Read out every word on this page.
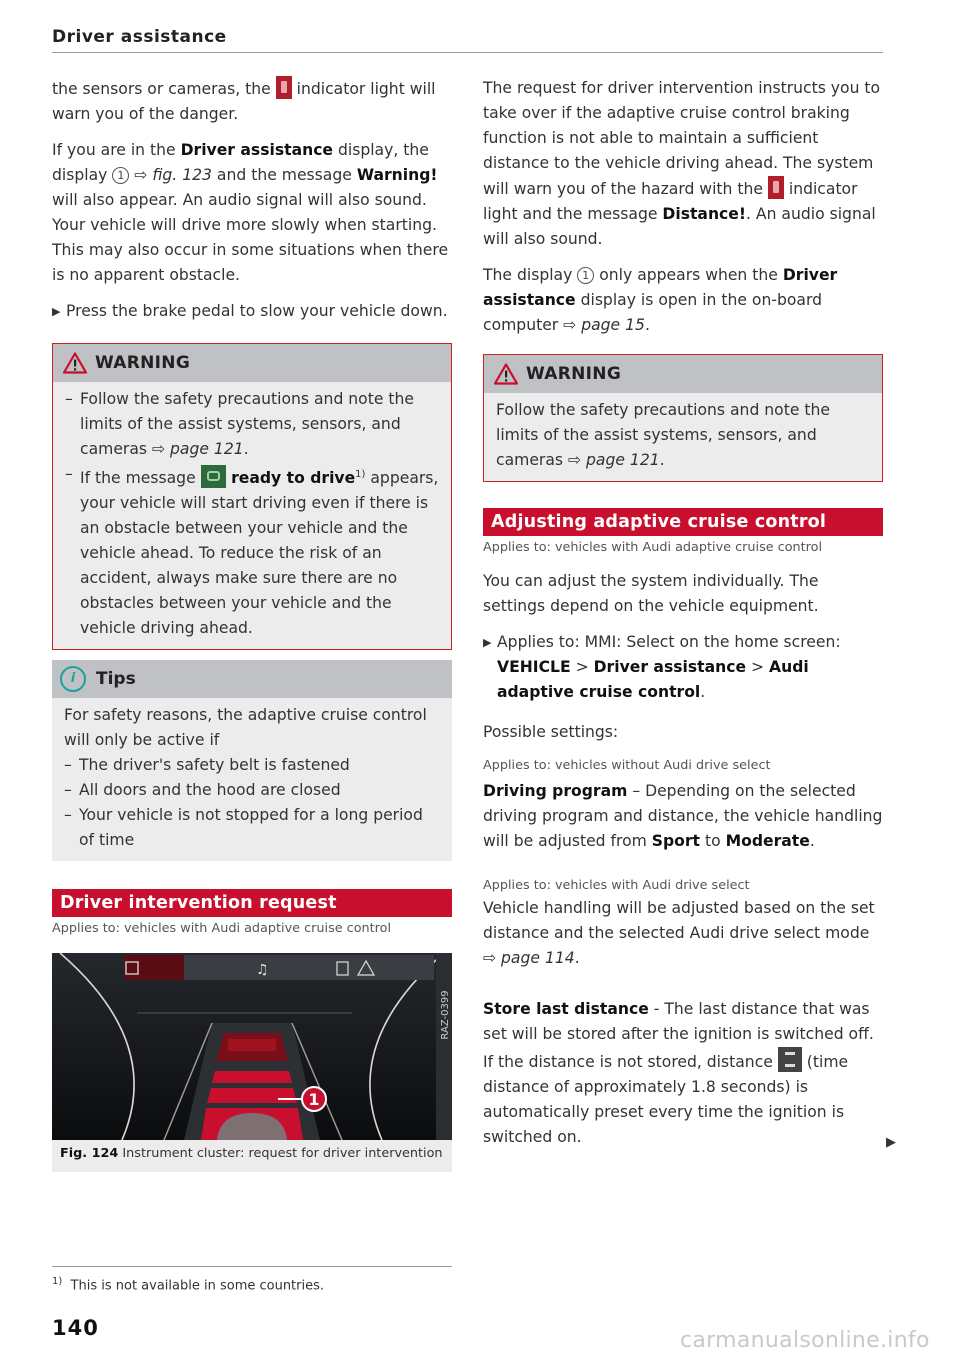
Driver assistance

the sensors or cameras, the  indicator light will warn you of the danger.

If you are in the Driver assistance display, the display 1 ⇨ fig. 123 and the message Warning! will also appear. An audio signal will also sound. Your vehicle will drive more slowly when starting. This may also occur in some situations when there is no apparent obstacle.

▶ Press the brake pedal to slow your vehicle down.
WARNING
– Follow the safety precautions and note the limits of the assist systems, sensors, and cameras ⇨ page 121.
– If the message  ready to drive$^{1)}$ appears, your vehicle will start driving even if there is an obstacle between your vehicle and the vehicle ahead. To reduce the risk of an accident, always make sure there are no obstacles between your vehicle and the vehicle driving ahead.
i	Tips

For safety reasons, the adaptive cruise control will only be active if

– The driver's safety belt is fastened
– All doors and the hood are closed
– Your vehicle is not stopped for a long period of time
Driver intervention request
Applies to: vehicles with Audi adaptive cruise control
♫
1
RAZ-0399
Fig. 124 Instrument cluster: request for driver intervention

The request for driver intervention instructs you to take over if the adaptive cruise control braking function is not able to maintain a sufficient distance to the vehicle driving ahead. The system will warn you of the hazard with the  indicator light and the message Distance!. An audio signal will also sound.

The display 1 only appears when the Driver assistance display is open in the on-board computer ⇨ page 15.

WARNING

Follow the safety precautions and note the limits of the assist systems, sensors, and cameras ⇨ page 121.

Adjusting adaptive cruise control
Applies to: vehicles with Audi adaptive cruise control

You can adjust the system individually. The settings depend on the vehicle equipment.

▶ Applies to: MMI: Select on the home screen: VEHICLE > Driver assistance > Audi adaptive cruise control.

Possible settings:

Applies to: vehicles without Audi drive select

Driving program – Depending on the selected driving program and distance, the vehicle handling will be adjusted from Sport to Moderate.

Applies to: vehicles with Audi drive select

Vehicle handling will be adjusted based on the set distance and the selected Audi drive select mode ⇨ page 114.

Store last distance - The last distance that was set will be stored after the ignition is switched off. If the distance is not stored, distance  (time distance of approximately 1.8 seconds) is automatically preset every time the ignition is switched on.	▶
$^{1)}$ This is not available in some countries.
140	carmanualsonline.info
